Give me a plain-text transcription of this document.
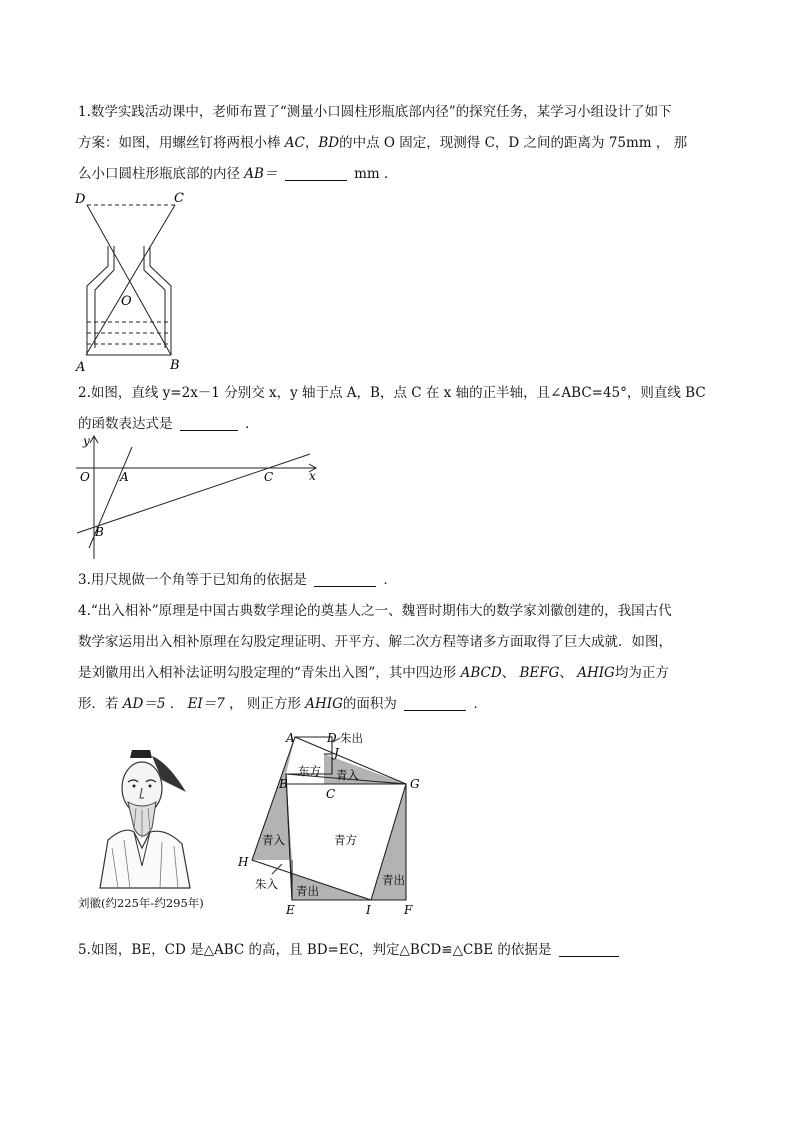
1.数学实践活动课中，老师布置了“测量小口圆柱形瓶底部内径”的探究任务，某学习小组设计了如下
方案：如图，用螺丝钉将两根小棒 AC，BD的中点 O 固定，现测得 C，D 之间的距离为 75mm ， 那
么小口圆柱形瓶底部的内径 AB＝	mm ．
D	C
O
A	B
2.如图，直线 y=2x－1 分别交 x，y 轴于点 A，B，点 C 在 x 轴的正半轴，且∠ABC=45°，则直线 BC
的函数表达式是	．
y
x
O	A	C
B
3.用尺规做一个角等于已知角的依据是	．
4.“出入相补”原理是中国古典数学理论的奠基人之一、魏晋时期伟大的数学家刘徽创建的，我国古代
数学家运用出入相补原理在勾股定理证明、开平方、解二次方程等诸多方面取得了巨大成就．如图，
是刘徽用出入相补法证明勾股定理的“青朱出入图”，其中四边形 ABCD、 BEFG、 AHIG均为正方
形．若 AD＝5 ． EI＝7 ， 则正方形 AHIG的面积为	．
刘徽(约225年-约295年)
A	D
J
B
C
G
H
E	I	F
朱出
东方 青入
青入	青方
朱入 青出
青出
5.如图，BE，CD 是△ABC 的高，且 BD=EC，判定△BCD≌△CBE 的依据是
